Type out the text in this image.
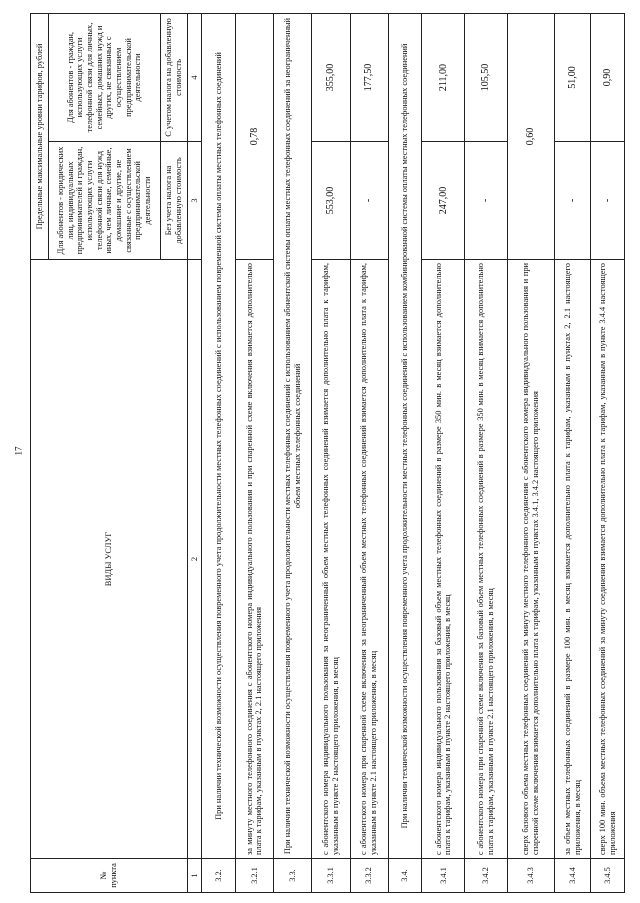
17
№ пункта	ВИДЫ УСЛУГ	Предельные максимальные уровни тарифов, рублей	
		Для абонентов - юридических лиц, индивидуальных предпринимателей и граждан, использующих услуги телефонной связи для нужд иных, чем личные, семейные, домашние и другие, не связанные с осуществлением предпринимательской деятельности	Для абонентов - граждан, использующих услуги телефонной связи для личных, семейных, домашних нужд и других, не связанных с осуществлением предпринимательской деятельности
		Без учета налога на добавленную стоимость	С учетом налога на добавленную стоимость
1	2	3	4
3.2.	При наличии технической возможности осуществления повременного учета продолжительности местных телефонных соединений с использованием повременной системы оплаты местных телефонных соединений		
3.2.1	за минуту местного телефонного соединения с абонентского номера индивидуального пользования и при спаренной схеме включения взимается дополнительно плата к тарифам, указанным в пунктах 2, 2.1 настоящего приложения	0,78	
3.3.	При наличии технической возможности осуществления повременного учета продолжительности местных телефонных соединений с использованием абонентской системы оплаты местных телефонных соединений за неограниченный объем местных телефонных соединений		
3.3.1	с абонентского номера индивидуального пользования за неограниченный объем местных телефонных соединений взимается дополнительно плата к тарифам, указанным в пункте 2 настоящего приложения, в месяц	553,00	355,00
3.3.2	с абонентского номера при спаренной схеме включения за неограниченный объем местных телефонных соединений взимается дополнительно плата к тарифам, указанным в пункте 2.1 настоящего приложения, в месяц	-	177,50
3.4.	При наличии технической возможности осуществления повременного учета продолжительности местных телефонных соединений с использованием комбинированной системы оплаты местных телефонных соединений		
3.4.1	с абонентского номера индивидуального пользования за базовый объем местных телефонных соединений в размере 350 мин. в месяц взимается дополнительно плата к тарифам, указанным в пункте 2 настоящего приложения, в месяц	247,00	211,00
3.4.2	с абонентского номера при спаренной схеме включения за базовый объем местных телефонных соединений в размере 350 мин. в месяц взимается дополнительно плата к тарифам, указанным в пункте 2.1 настоящего приложения, в месяц	-	105,50
3.4.3	сверх базового объема местных телефонных соединений за минуту местного телефонного соединения с абонентского номера индивидуального пользования и при спаренной схеме включения взимается дополнительно плата к тарифам, указанным в пунктах 3.4.1, 3.4.2 настоящего приложения	0,60	
3.4.4	за объем местных телефонных соединений в размере 100 мин. в месяц взимается дополнительно плата к тарифам, указанным в пунктах 2, 2.1 настоящего приложения, в месяц	-	51,00
3.4.5	сверх 100 мин. объема местных телефонных соединений за минуту соединения взимается дополнительно плата к тарифам, указанным в пункте 3.4.4 настоящего приложения	-	0,90
